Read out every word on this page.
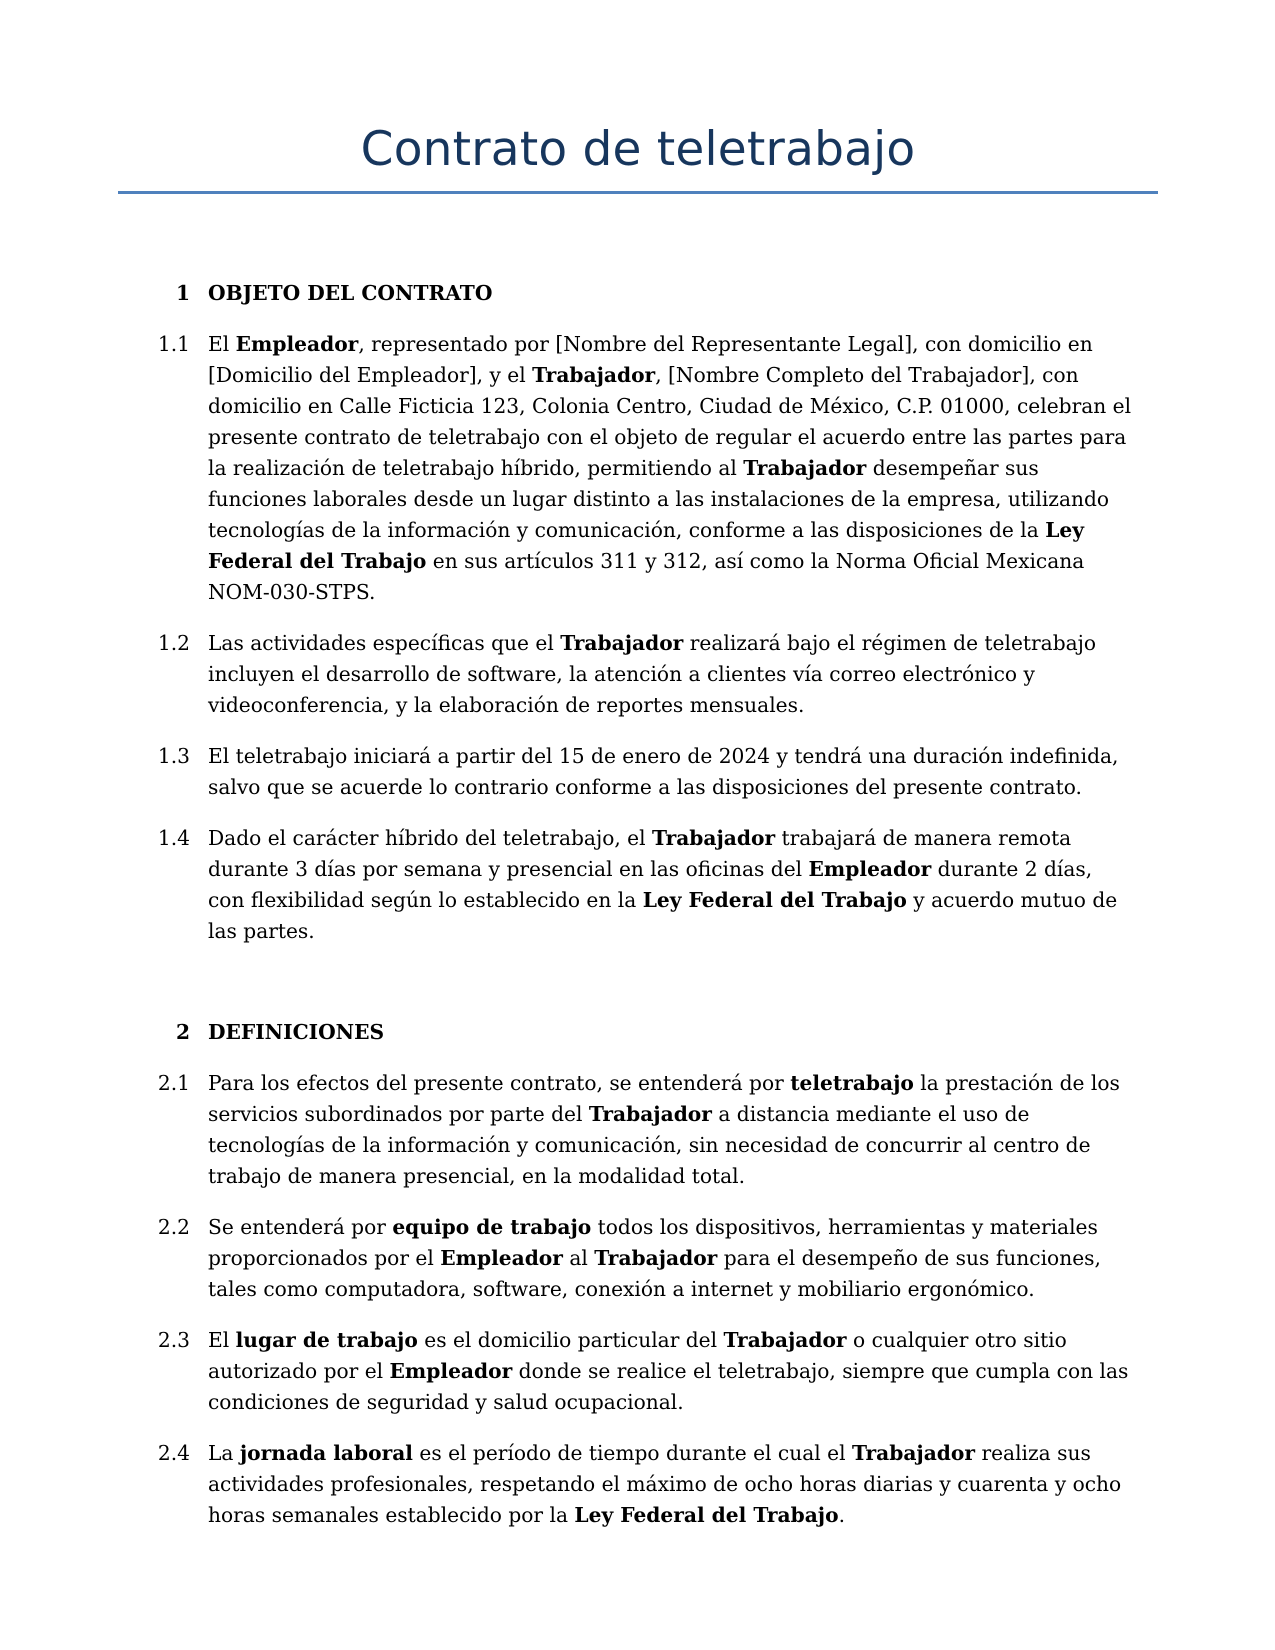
Contrato de teletrabajo
1 OBJETO DEL CONTRATO
1.1 El Empleador, representado por [Nombre del Representante Legal], con domicilio en [Domicilio del Empleador], y el Trabajador, [Nombre Completo del Trabajador], con domicilio en Calle Ficticia 123, Colonia Centro, Ciudad de México, C.P. 01000, celebran el presente contrato de teletrabajo con el objeto de regular el acuerdo entre las partes para la realización de teletrabajo híbrido, permitiendo al Trabajador desempeñar sus funciones laborales desde un lugar distinto a las instalaciones de la empresa, utilizando tecnologías de la información y comunicación, conforme a las disposiciones de la Ley Federal del Trabajo en sus artículos 311 y 312, así como la Norma Oficial Mexicana NOM-030-STPS.
1.2 Las actividades específicas que el Trabajador realizará bajo el régimen de teletrabajo incluyen el desarrollo de software, la atención a clientes vía correo electrónico y videoconferencia, y la elaboración de reportes mensuales.
1.3 El teletrabajo iniciará a partir del 15 de enero de 2024 y tendrá una duración indefinida, salvo que se acuerde lo contrario conforme a las disposiciones del presente contrato.
1.4 Dado el carácter híbrido del teletrabajo, el Trabajador trabajará de manera remota durante 3 días por semana y presencial en las oficinas del Empleador durante 2 días, con flexibilidad según lo establecido en la Ley Federal del Trabajo y acuerdo mutuo de las partes.
2 DEFINICIONES
2.1 Para los efectos del presente contrato, se entenderá por teletrabajo la prestación de los servicios subordinados por parte del Trabajador a distancia mediante el uso de tecnologías de la información y comunicación, sin necesidad de concurrir al centro de trabajo de manera presencial, en la modalidad total.
2.2 Se entenderá por equipo de trabajo todos los dispositivos, herramientas y materiales proporcionados por el Empleador al Trabajador para el desempeño de sus funciones, tales como computadora, software, conexión a internet y mobiliario ergonómico.
2.3 El lugar de trabajo es el domicilio particular del Trabajador o cualquier otro sitio autorizado por el Empleador donde se realice el teletrabajo, siempre que cumpla con las condiciones de seguridad y salud ocupacional.
2.4 La jornada laboral es el período de tiempo durante el cual el Trabajador realiza sus actividades profesionales, respetando el máximo de ocho horas diarias y cuarenta y ocho horas semanales establecido por la Ley Federal del Trabajo.
